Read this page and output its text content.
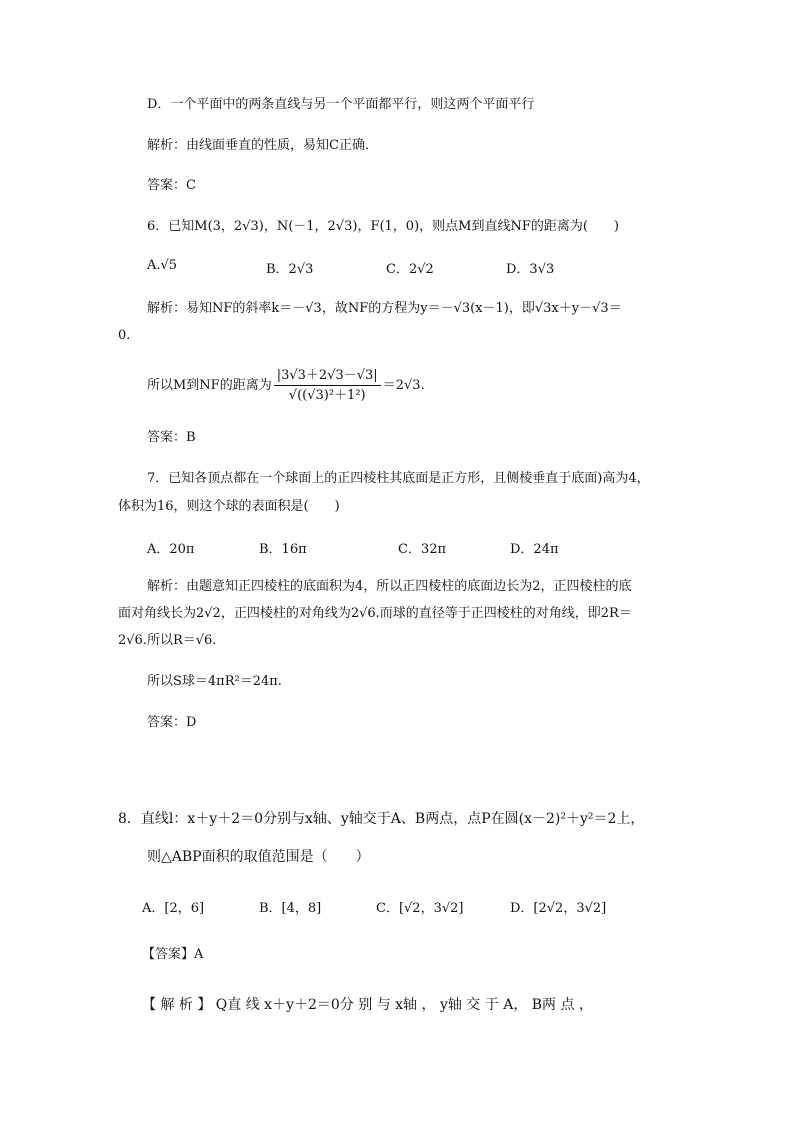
D．一个平面中的两条直线与另一个平面都平行，则这两个平面平行
解析：由线面垂直的性质，易知C正确．
答案：C
6．已知M(3，2√3)，N(－1，2√3)，F(1，0)，则点M到直线NF的距离为(　　)
A.√5	B．2√3	C．2√2	D．3√3
解析：易知NF的斜率k＝－√3，故NF的方程为y＝－√3(x－1)，即√3x＋y－√3＝
0.
所以M到NF的距离为 $\frac{|3√3+2√3-√3|}{\text{√((√3)²＋1²)}} =2√3$.
答案：B
7．已知各顶点都在一个球面上的正四棱柱其底面是正方形，且侧棱垂直于底面)高为4，
体积为16，则这个球的表面积是(　　)
A．20π	B．16π	C．32π	D．24π
解析：由题意知正四棱柱的底面积为4，所以正四棱柱的底面边长为2，正四棱柱的底
面对角线长为2√2，正四棱柱的对角线为2√6.而球的直径等于正四棱柱的对角线，即2R＝
2√6.所以R＝√6.
所以S球＝4πR²＝24π.
答案：D
8．直线l：x＋y＋2＝0分别与x轴、y轴交于A、B两点，点P在圆(x－2)²＋y²＝2上，
则△ABP面积的取值范围是（　　）
A．[2，6]	B．[4，8]	C．[√2，3√2]	D．[2√2，3√2]
【答案】A
【 解 析 】 Q直 线 x＋y＋2＝0分 别 与 x轴 ， y轴 交 于 A， B两 点 ，
